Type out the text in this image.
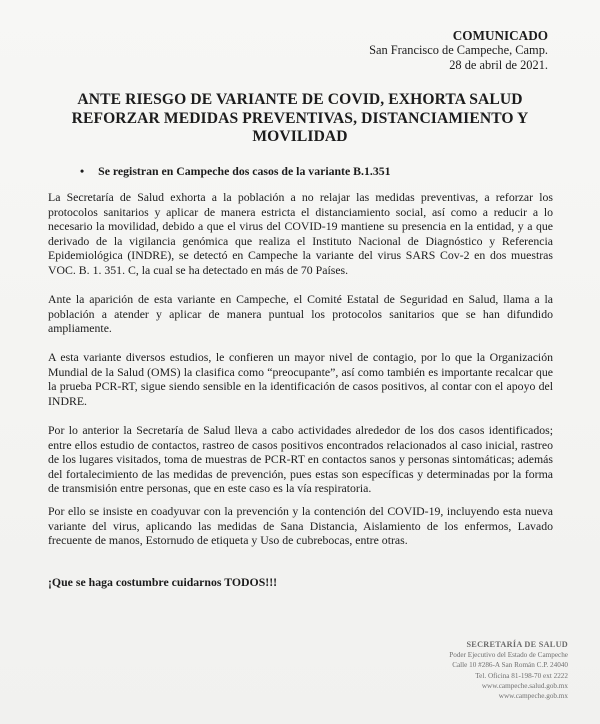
COMUNICADO
San Francisco de Campeche, Camp.
28 de abril de 2021.
ANTE RIESGO DE VARIANTE DE COVID, EXHORTA SALUD
REFORZAR MEDIDAS PREVENTIVAS, DISTANCIAMIENTO Y
MOVILIDAD
• Se registran en Campeche dos casos de la variante B.1.351
La Secretaría de Salud exhorta a la población a no relajar las medidas preventivas, a reforzar los protocolos sanitarios y aplicar de manera estricta el distanciamiento social, así como a reducir a lo necesario la movilidad, debido a que el virus del COVID-19 mantiene su presencia en la entidad, y a que derivado de la vigilancia genómica que realiza el Instituto Nacional de Diagnóstico y Referencia Epidemiológica (INDRE), se detectó en Campeche la variante del virus SARS Cov-2 en dos muestras VOC. B. 1. 351. C, la cual se ha detectado en más de 70 Países.
Ante la aparición de esta variante en Campeche, el Comité Estatal de Seguridad en Salud, llama a la población a atender y aplicar de manera puntual los protocolos sanitarios que se han difundido ampliamente.
A esta variante diversos estudios, le confieren un mayor nivel de contagio, por lo que la Organización Mundial de la Salud (OMS) la clasifica como “preocupante”, así como también es importante recalcar que la prueba PCR-RT, sigue siendo sensible en la identificación de casos positivos, al contar con el apoyo del INDRE.
Por lo anterior la Secretaría de Salud lleva a cabo actividades alrededor de los dos casos identificados; entre ellos estudio de contactos, rastreo de casos positivos encontrados relacionados al caso inicial, rastreo de los lugares visitados, toma de muestras de PCR-RT en contactos sanos y personas sintomáticas; además del fortalecimiento de las medidas de prevención, pues estas son específicas y determinadas por la forma de transmisión entre personas, que en este caso es la vía respiratoria.
Por ello se insiste en coadyuvar con la prevención y la contención del COVID-19, incluyendo esta nueva variante del virus, aplicando las medidas de Sana Distancia, Aislamiento de los enfermos, Lavado frecuente de manos, Estornudo de etiqueta y Uso de cubrebocas, entre otras.
¡Que se haga costumbre cuidarnos TODOS!!!
SECRETARÍA DE SALUD
Poder Ejecutivo del Estado de Campeche
Calle 10 #286-A San Román C.P. 24040
Tel. Oficina 81-198-70 ext 2222
www.campeche.salud.gob.mx
www.campeche.gob.mx
